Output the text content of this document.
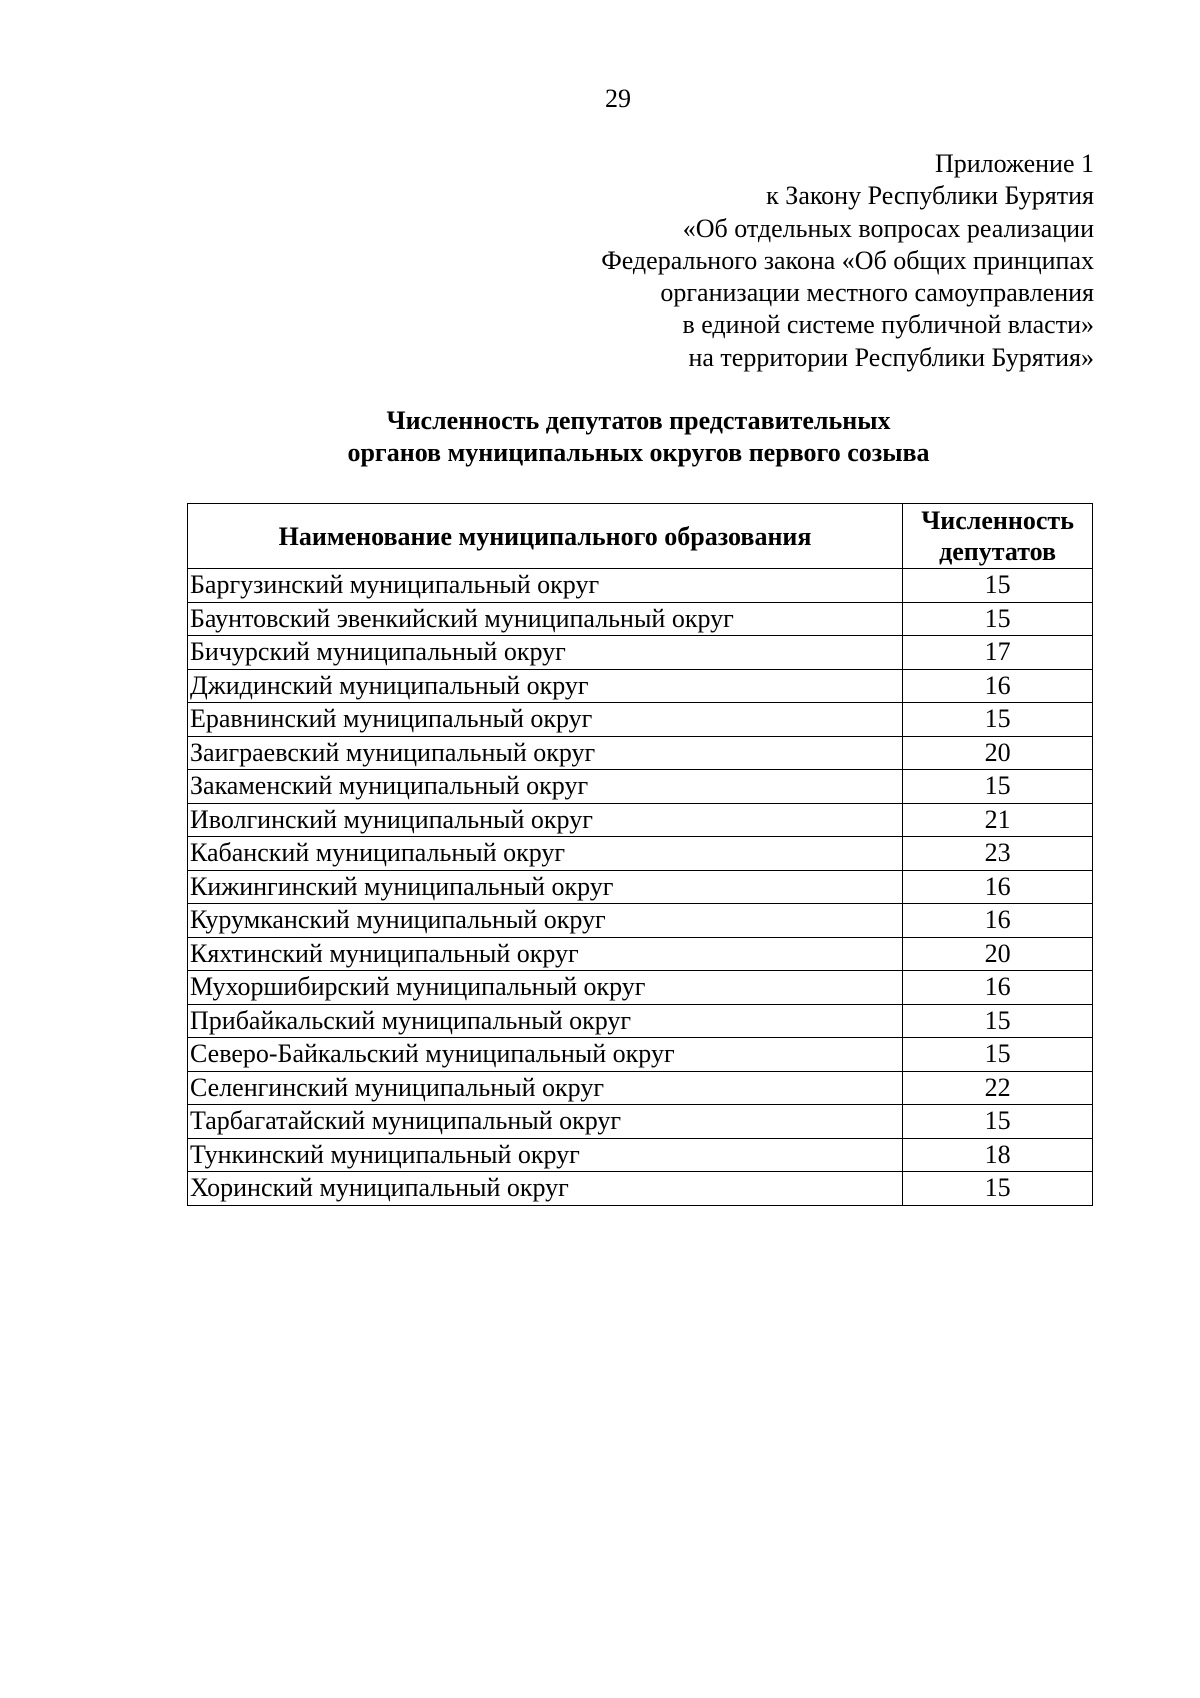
29
Приложение 1
к Закону Республики Бурятия
«Об отдельных вопросах реализации
Федерального закона «Об общих принципах
организации местного самоуправления
в единой системе публичной власти»
на территории Республики Бурятия»
Численность депутатов представительных
органов муниципальных округов первого созыва
Наименование муниципального образования	Численность депутатов
Баргузинский муниципальный округ	15
Баунтовский эвенкийский муниципальный округ	15
Бичурский муниципальный округ	17
Джидинский муниципальный округ	16
Еравнинский муниципальный округ	15
Заиграевский муниципальный округ	20
Закаменский муниципальный округ	15
Иволгинский муниципальный округ	21
Кабанский муниципальный округ	23
Кижингинский муниципальный округ	16
Курумканский муниципальный округ	16
Кяхтинский муниципальный округ	20
Мухоршибирский муниципальный округ	16
Прибайкальский муниципальный округ	15
Северо-Байкальский муниципальный округ	15
Селенгинский муниципальный округ	22
Тарбагатайский муниципальный округ	15
Тункинский муниципальный округ	18
Хоринский муниципальный округ	15
